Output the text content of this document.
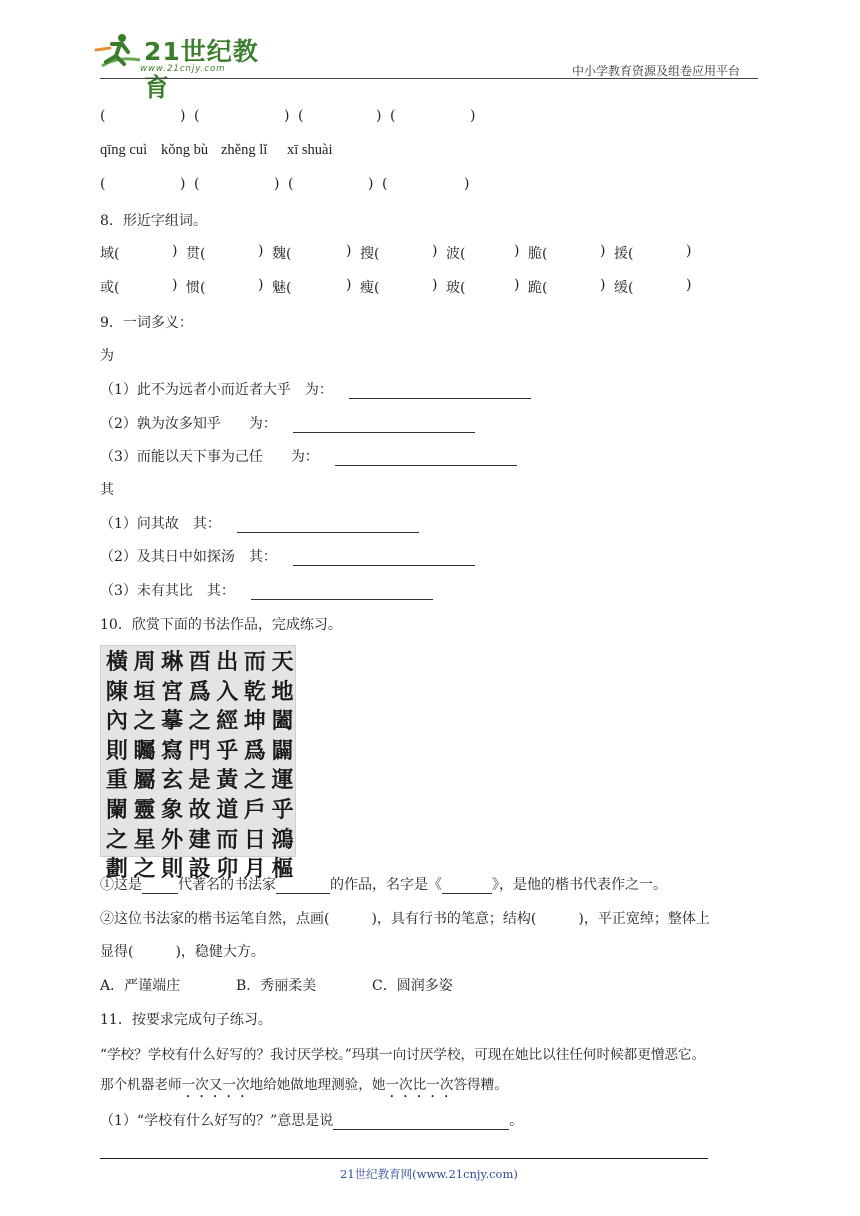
21世纪教育
www.21cnjy.com	中小学教育资源及组卷应用平台
(	) (	) (	) (	)
qīng cuì kǒng bù zhěng lǐ xī shuài
(	) (	) (	) (	)
8．形近字组词。
域(	) 贯(	) 魏(	) 搜(	) 波(	) 脆(	) 援(	)
或(	) 惯(	) 魅(	) 瘦(	) 玻(	) 跪(	) 缓(	)
9．一词多义：
为
（1）此不为远者小而近者大乎　为：
（2）孰为汝多知乎　　为：
（3）而能以天下事为己任　　为：
其
（1）问其故　其：
（2）及其日中如探汤　其：
（3）未有其比　其：
10．欣赏下面的书法作品，完成练习。
天
地
闔
闢
運
乎
鴻
樞
而
乾
坤
爲
之
戶
日
月
出
入
經
乎
黃
道
而
卯
酉
爲
之
門
是
故
建
設
琳
宮
摹
寫
玄
象
外
則
周
垣
之
矚
屬
靈
星
之
橫
陳
內
則
重
闌
之
劃
①这是	代著名的书法家	的作品，名字是《	》，是他的楷书代表作之一。
②这位书法家的楷书运笔自然，点画(　　　)，具有行书的笔意；结构(　　　)，平正宽绰；整体上
显得(　　　)，稳健大方。
A．严谨端庄	B．秀丽柔美	C．圆润多姿
11．按要求完成句子练习。
“学校？学校有什么好写的？我讨厌学校。”玛琪一向讨厌学校，可现在她比以往任何时候都更憎恶它。
那个机器老师一次又一次地给她做地理测验，她一次比一次答得糟。
（1）“学校有什么好写的？”意思是说	。
21世纪教育网(www.21cnjy.com)
